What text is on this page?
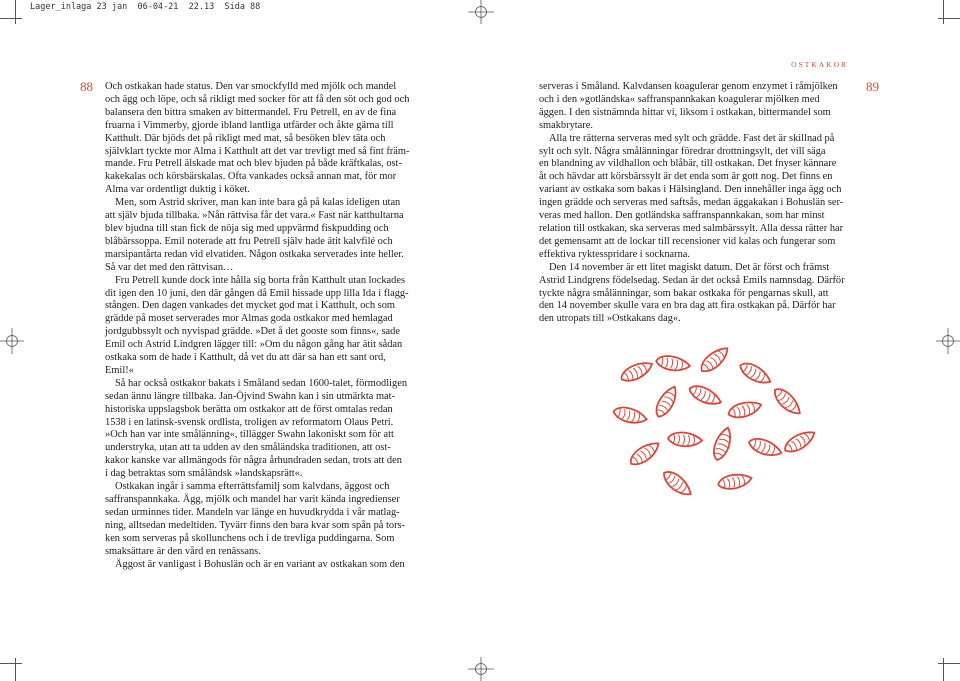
Lager_inlaga 23 jan  06-04-21  22.13  Sida 88
88	89
OSTKAKOR

Och ostkakan hade status. Den var smockfylld med mjölk och mandel

och ägg och löpe, och så rikligt med socker för att få den söt och god och

balansera den bittra smaken av bittermandel. Fru Petrell, en av de fina

fruarna i Vimmerby, gjorde ibland lantliga utfärder och åkte gärna till

Katthult. Där bjöds det på rikligt med mat, så besöken blev täta och

självklart tyckte mor Alma i Katthult att det var trevligt med så fint främ-

mande. Fru Petrell älskade mat och blev bjuden på både kräftkalas, ost-

kakekalas och körsbärskalas. Ofta vankades också annan mat, för mor

Alma var ordentligt duktig i köket.

Men, som Astrid skriver, man kan inte bara gå på kalas ideligen utan

att själv bjuda tillbaka. »Nån rättvisa får det vara.« Fast när katthultarna

blev bjudna till stan fick de nöja sig med uppvärmd fiskpudding och

blåbärssoppa. Emil noterade att fru Petrell själv hade ätit kalvfilé och

marsipantårta redan vid elvatiden. Någon ostkaka serverades inte heller.

Så var det med den rättvisan…

Fru Petrell kunde dock inte hålla sig borta från Katthult utan lockades

dit igen den 10 juni, den där gången då Emil hissade upp lilla Ida i flagg-

stången. Den dagen vankades det mycket god mat i Katthult, och som

grädde på moset serverades mor Almas goda ostkakor med hemlagad

jordgubbssylt och nyvispad grädde. »Det å det gooste som finns«, sade

Emil och Astrid Lindgren lägger till: »Om du någon gång har ätit sådan

ostkaka som de hade i Katthult, då vet du att där sa han ett sant ord,

Emil!«

Så har också ostkakor bakats i Småland sedan 1600-talet, förmodligen

sedan ännu längre tillbaka. Jan-Öjvind Swahn kan i sin utmärkta mat-

historiska uppslagsbok berätta om ostkakor att de först omtalas redan

1538 i en latinsk-svensk ordlista, troligen av reformatorn Olaus Petri.

»Och han var inte smålänning«, tillägger Swahn lakoniskt som för att

understryka, utan att ta udden av den småländska traditionen, att ost-

kakor kanske var allmängods för några århundraden sedan, trots att den

i dag betraktas som småländsk »landskapsrätt«.

Ostkakan ingår i samma efterrättsfamilj som kalvdans, äggost och

saffranspannkaka. Ägg, mjölk och mandel har varit kända ingredienser

sedan urminnes tider. Mandeln var länge en huvudkrydda i vår matlag-

ning, alltsedan medeltiden. Tyvärr finns den bara kvar som spån på tors-

ken som serveras på skollunchens och i de trevliga puddingarna. Som

smaksättare är den vård en renässans.

Äggost är vanligast i Bohuslän och är en variant av ostkakan som den

serveras i Småland. Kalvdansen koagulerar genom enzymet i råmjölken

och i den »gotländska« saffranspannkakan koagulerar mjölken med

äggen. I den sistnämnda hittar vi, liksom i ostkakan, bittermandel som

smakbrytare.

Alla tre rätterna serveras med sylt och grädde. Fast det är skillnad på

sylt och sylt. Några smålänningar föredrar drottningsylt, det vill säga

en blandning av vildhallon och blåbär, till ostkakan. Det fnyser kännare

åt och hävdar att körsbärssylt är det enda som är gott nog. Det finns en

variant av ostkaka som bakas i Hälsingland. Den innehåller inga ägg och

ingen grädde och serveras med saftsås, medan äggakakan i Bohuslän ser-

veras med hallon. Den gotländska saffranspannkakan, som har minst

relation till ostkakan, ska serveras med salmbärssylt. Alla dessa rätter har

det gemensamt att de lockar till recensioner vid kalas och fungerar som

effektiva ryktesspridare i socknarna.

Den 14 november är ett litet magiskt datum. Det är först och främst

Astrid Lindgrens födelsedag. Sedan är det också Emils namnsdag. Därför

tyckte några smålänningar, som bakar ostkaka för pengarnas skull, att

den 14 november skulle vara en bra dag att fira ostkakan på. Därför har

den utropats till »Ostkakans dag«.
